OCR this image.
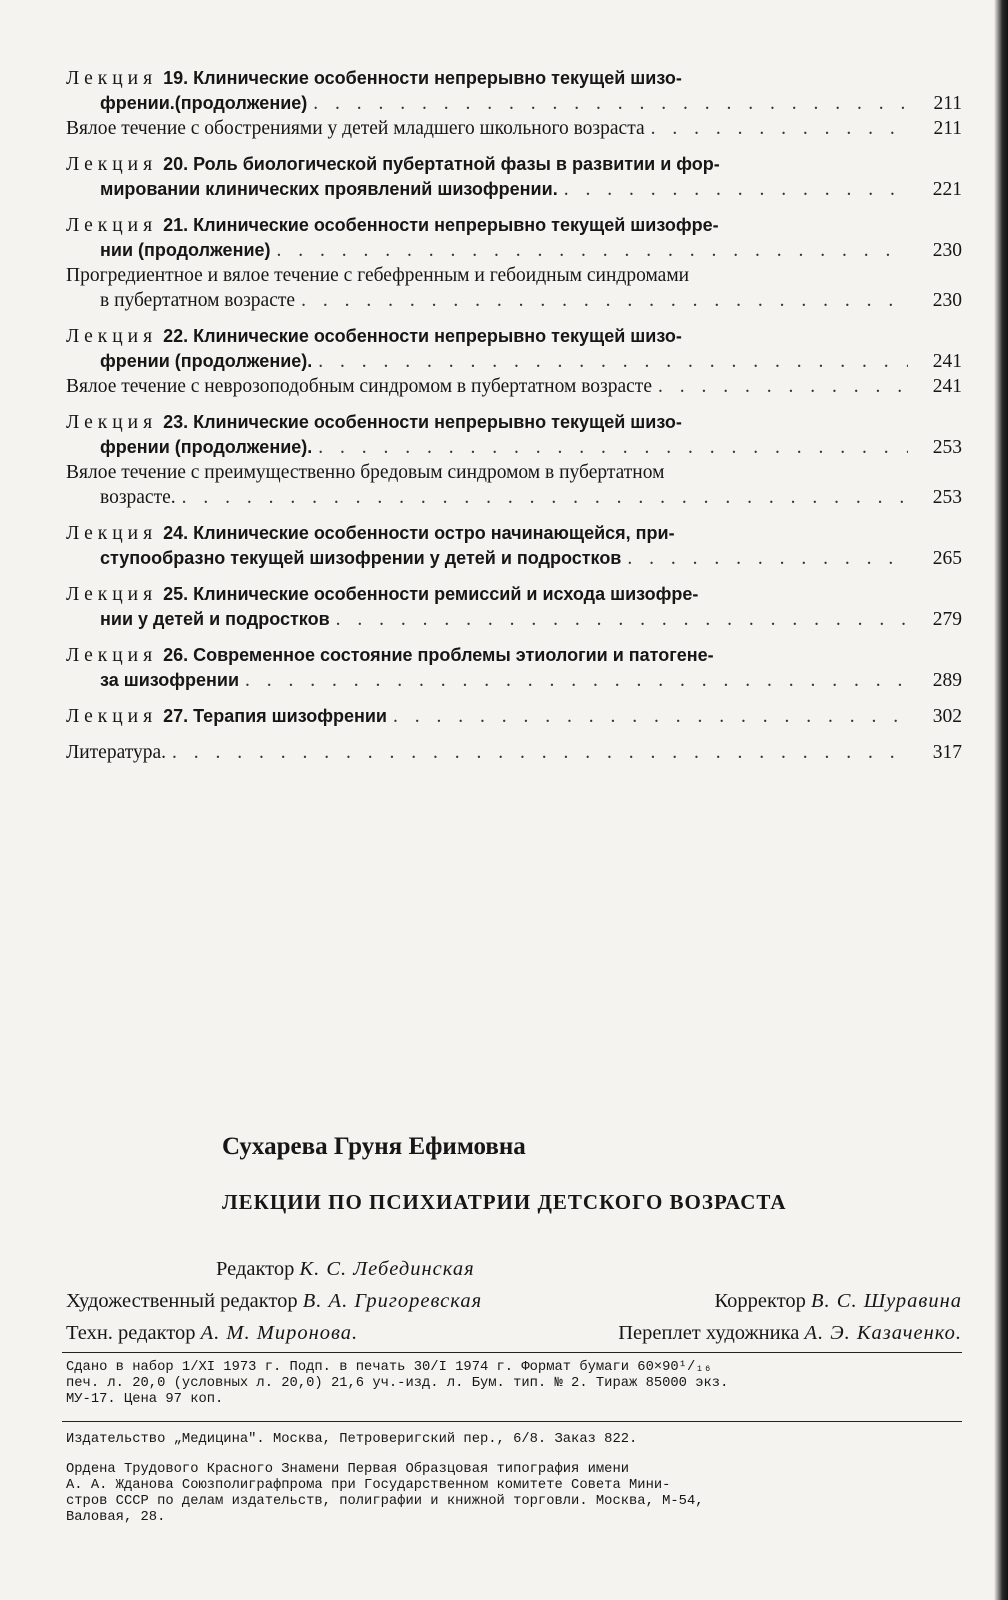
Лекция 19. Клинические особенности непрерывно текущей шизо-
френии.(продолжение) . . .	211
Вялое течение с обострениями у детей младшего школьного возраста . . .	211
Лекция 20. Роль биологической пубертатной фазы в развитии и фор-
мировании клинических проявлений шизофрении. . . .	221
Лекция 21. Клинические особенности непрерывно текущей шизофре-
нии (продолжение) . . .	230
Прогредиентное и вялое течение с гебефренным и гебоидным синдромами
в пубертатном возрасте . . .	230
Лекция 22. Клинические особенности непрерывно текущей шизо-
френии (продолжение). . . .	241
Вялое течение с неврозоподобным синдромом в пубертатном возрасте . . .	241
Лекция 23. Клинические особенности непрерывно текущей шизо-
френии (продолжение). . . .	253
Вялое течение с преимущественно бредовым синдромом в пубертатном
возрасте. . . .	253
Лекция 24. Клинические особенности остро начинающейся, при-
ступообразно текущей шизофрении у детей и подростков . . .	265
Лекция 25. Клинические особенности ремиссий и исхода шизофре-
нии у детей и подростков . . .	279
Лекция 26. Современное состояние проблемы этиологии и патогене-
за шизофрении . . .	289
Лекция 27. Терапия шизофрении . . .	302
Литература. . . .	317
Сухарева Груня Ефимовна
ЛЕКЦИИ ПО ПСИХИАТРИИ ДЕТСКОГО ВОЗРАСТА
Редактор К. С. Лебединская
Художественный редактор В. А. Григоревская	Корректор В. С. Шуравина
Техн. редактор А. М. Миронова.	Переплет художника А. Э. Казаченко.
Сдано в набор 1/XI 1973 г. Подп. в печать 30/I 1974 г. Формат бумаги 60×90¹/₁₆
печ. л. 20,0 (условных л. 20,0) 21,6 уч.-изд. л. Бум. тип. № 2. Тираж 85000 экз.
МУ-17. Цена 97 коп.
Издательство „Медицина". Москва, Петроверигский пер., 6/8. Заказ 822.
Ордена Трудового Красного Знамени Первая Образцовая типография имени
А. А. Жданова Союзполиграфпрома при Государственном комитете Совета Мини-
стров СССР по делам издательств, полиграфии и книжной торговли. Москва, М-54,
Валовая, 28.
